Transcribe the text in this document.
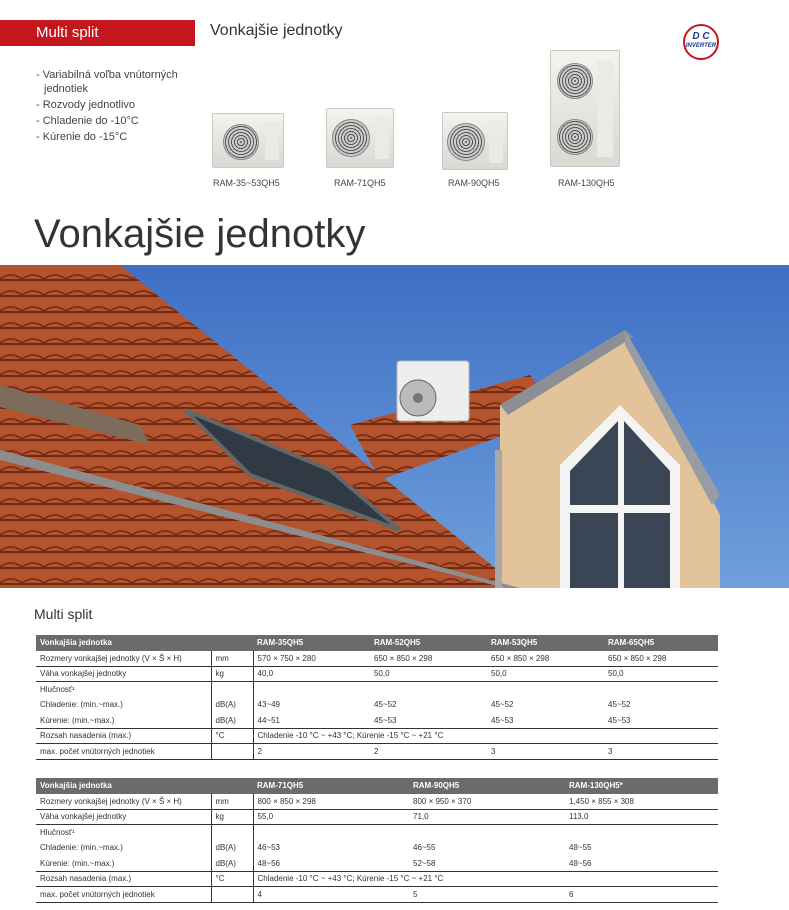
Multi split	Vonkajšie jednotky	D C
INVERTER
- Variabilná voľba vnútorných jednotiek
- Rozvody jednotlivo
- Chladenie do -10°C
- Kúrenie do -15°C
RAM-35~53QH5	RAM-71QH5	RAM-90QH5	RAM-130QH5
Vonkajšie jednotky
Multi split
Vonkajšia jednotka		RAM-35QH5	RAM-52QH5	RAM-53QH5	RAM-65QH5
Rozmery vonkajšej jednotky (V × Š × H)	mm	570 × 750 × 280	650 × 850 × 298	650 × 850 × 298	650 × 850 × 298
Váha vonkajšej jednotky	kg	40,0	50,0	50,0	50,0
Hlučnosť¹					
Chladenie: (min.~max.)	dB(A)	43~49	45~52	45~52	45~52
Kúrenie: (min.~max.)	dB(A)	44~51	45~53	45~53	45~53
Rozsah nasadenia (max.)	°C	Chladenie -10 °C ~ +43 °C; Kúrenie -15 °C ~ +21 °C			
max. počet vnútorných jednotiek		2	2	3	3
Vonkajšia jednotka		RAM-71QH5	RAM-90QH5	RAM-130QH5*
Rozmery vonkajšej jednotky (V × Š × H)	mm	800 × 850 × 298	800 × 950 × 370	1,450 × 855 × 308
Váha vonkajšej jednotky	kg	55,0	71,0	113,0
Hlučnosť¹				
Chladenie: (min.~max.)	dB(A)	46~53	46~55	48~55
Kúrenie: (min.~max.)	dB(A)	48~56	52~58	48~56
Rozsah nasadenia (max.)	°C	Chladenie -10 °C ~ +43 °C; Kúrenie -15 °C ~ +21 °C		
max. počet vnútorných jednotiek		4	5	6
